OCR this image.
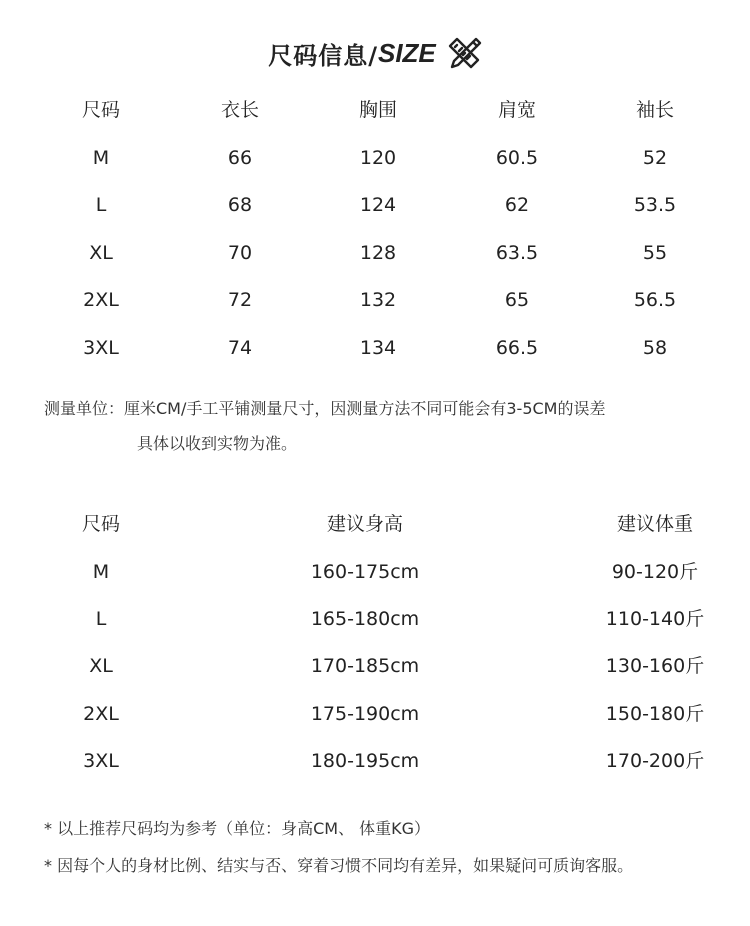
尺码信息/ SIZE
尺码	衣长	胸围	肩宽	袖长
M	66	120	60.5	52
L	68	124	62	53.5
XL	70	128	63.5	55
2XL	72	132	65	56.5
3XL	74	134	66.5	58
测量单位：厘米CM/手工平铺测量尺寸，因测量方法不同可能会有3-5CM的误差
具体以收到实物为准。
尺码	建议身高	建议体重
M	160-175cm	90-120斤
L	165-180cm	110-140斤
XL	170-185cm	130-160斤
2XL	175-190cm	150-180斤
3XL	180-195cm	170-200斤
* 以上推荐尺码均为参考（单位：身高CM、 体重KG）
* 因每个人的身材比例、结实与否、穿着习惯不同均有差异，如果疑问可质询客服。
